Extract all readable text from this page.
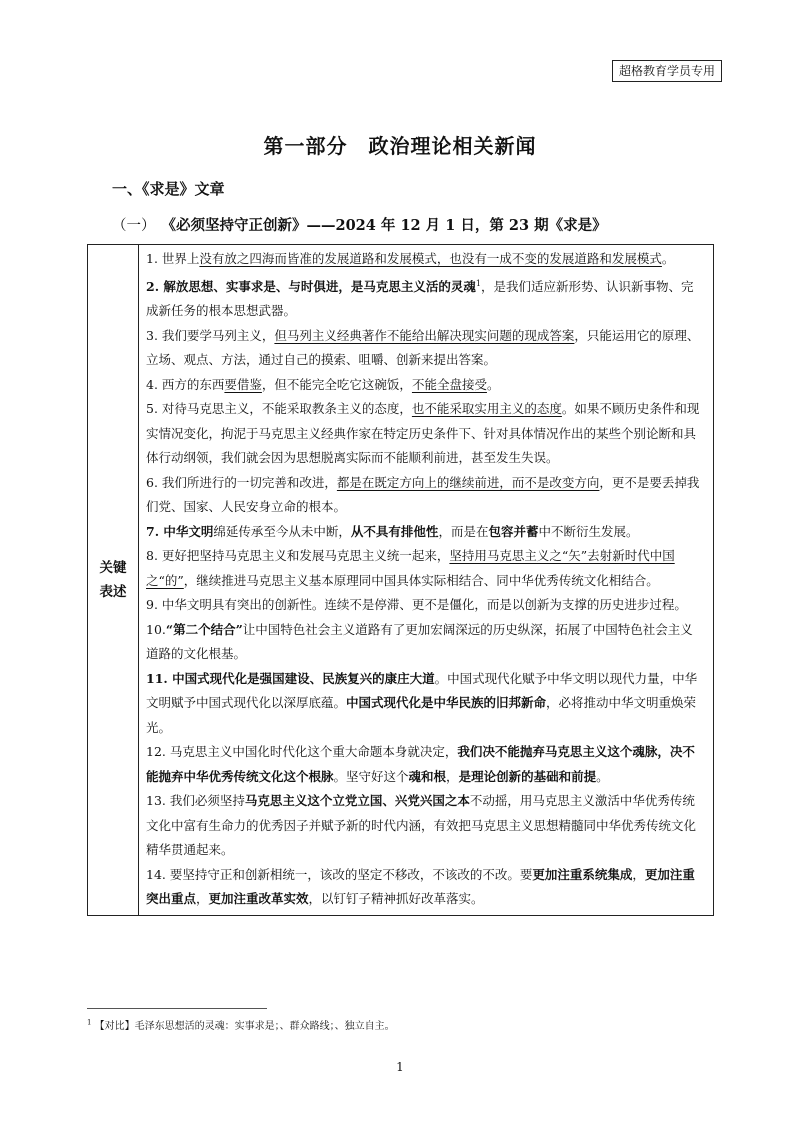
超格教育学员专用
第一部分　政治理论相关新闻
一、《求是》文章
（一） 《必须坚持守正创新》——2024 年 12 月 1 日，第 23 期《求是》
关键
表述

1. 世界上没有放之四海而皆准的发展道路和发展模式，也没有一成不变的发展道路和发展模式。

2. 解放思想、实事求是、与时俱进，是马克思主义活的灵魂$^1$，是我们适应新形势、认识新事物、完成新任务的根本思想武器。

3. 我们要学马列主义，但马列主义经典著作不能给出解决现实问题的现成答案，只能运用它的原理、立场、观点、方法，通过自己的摸索、咀嚼、创新来提出答案。

4. 西方的东西要借鉴，但不能完全吃它这碗饭，不能全盘接受。

5. 对待马克思主义，不能采取教条主义的态度，也不能采取实用主义的态度。如果不顾历史条件和现实情况变化，拘泥于马克思主义经典作家在特定历史条件下、针对具体情况作出的某些个别论断和具体行动纲领，我们就会因为思想脱离实际而不能顺利前进，甚至发生失误。

6. 我们所进行的一切完善和改进，都是在既定方向上的继续前进，而不是改变方向，更不是要丢掉我们党、国家、人民安身立命的根本。

7. 中华文明绵延传承至今从未中断，从不具有排他性，而是在包容并蓄中不断衍生发展。

8. 更好把坚持马克思主义和发展马克思主义统一起来，坚持用马克思主义之“矢”去射新时代中国之“的”，继续推进马克思主义基本原理同中国具体实际相结合、同中华优秀传统文化相结合。

9. 中华文明具有突出的创新性。连续不是停滞、更不是僵化，而是以创新为支撑的历史进步过程。

10.“第二个结合”让中国特色社会主义道路有了更加宏阔深远的历史纵深，拓展了中国特色社会主义道路的文化根基。

11. 中国式现代化是强国建设、民族复兴的康庄大道。中国式现代化赋予中华文明以现代力量，中华文明赋予中国式现代化以深厚底蕴。中国式现代化是中华民族的旧邦新命，必将推动中华文明重焕荣光。

12. 马克思主义中国化时代化这个重大命题本身就决定，我们决不能抛弃马克思主义这个魂脉，决不能抛弃中华优秀传统文化这个根脉。坚守好这个魂和根，是理论创新的基础和前提。

13. 我们必须坚持马克思主义这个立党立国、兴党兴国之本不动摇，用马克思主义激活中华优秀传统文化中富有生命力的优秀因子并赋予新的时代内涵，有效把马克思主义思想精髓同中华优秀传统文化精华贯通起来。

14. 要坚持守正和创新相统一，该改的坚定不移改，不该改的不改。要更加注重系统集成，更加注重突出重点，更加注重改革实效，以钉钉子精神抓好改革落实。

$^1$ 【对比】毛泽东思想活的灵魂：实事求是；、群众路线；、独立自主。
1
